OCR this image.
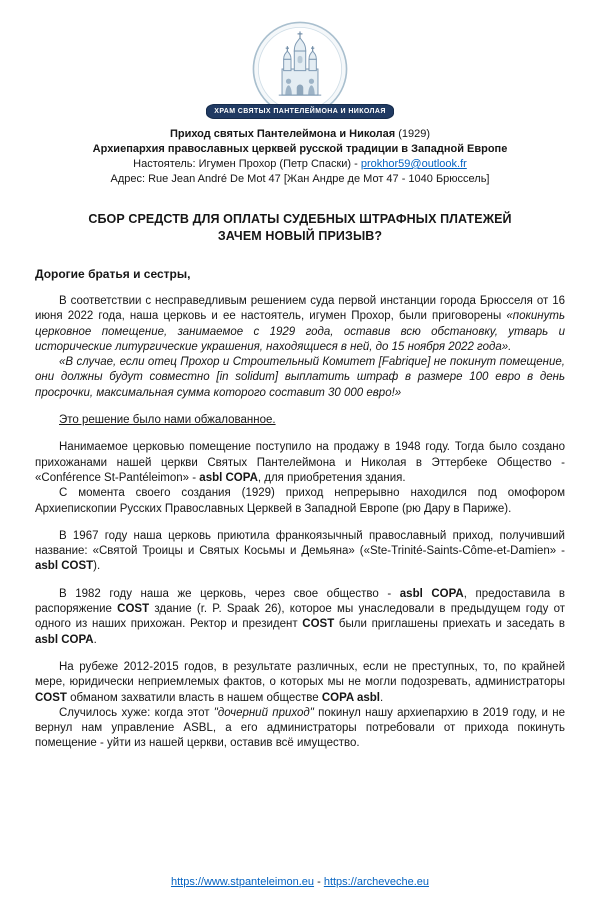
ХРАМ СВЯТЫХ ПАНТЕЛЕЙМОНА И НИКОЛАЯ
Приход святых Пантелеймона и Николая (1929)
Архиепархия православных церквей русской традиции в Западной Европе
Настоятель: Игумен Прохор (Петр Спаски) - prokhor59@outlook.fr
Адрес: Rue Jean André De Mot 47 [Жан Андре де Мот 47 - 1040 Брюссель]
СБОР СРЕДСТВ ДЛЯ ОПЛАТЫ СУДЕБНЫХ ШТРАФНЫХ ПЛАТЕЖЕЙ
ЗАЧЕМ НОВЫЙ ПРИЗЫВ?
Дорогие братья и сестры,

В соответствии с несправедливым решением суда первой инстанции города Брюсселя от 16 июня 2022 года, наша церковь и ее настоятель, игумен Прохор, были приговорены «покинуть церковное помещение, занимаемое с 1929 года, оставив всю обстановку, утварь и исторические литургические украшения, находящиеся в ней, до 15 ноября 2022 года».

«В случае, если отец Прохор и Строительный Комитет [Fabrique] не покинут помещение, они должны будут совместно [in solidum] выплатить штраф в размере 100 евро в день просрочки, максимальная сумма которого составит 30 000 евро!»

Это решение было нами обжалованное.

Нанимаемое церковью помещение поступило на продажу в 1948 году. Тогда было создано прихожанами нашей церкви Святых Пантелеймона и Николая в Эттербеке Общество - «Conférence St-Pantéleimon» - asbl COPA, для приобретения здания.

С момента своего создания (1929) приход непрерывно находился под омофором Архиепископии Русских Православных Церквей в Западной Европе (рю Дару в Париже).

В 1967 году наша церковь приютила франкоязычный православный приход, получивший название: «Святой Троицы и Святых Косьмы и Демьяна» («Ste-Trinité-Saints-Côme-et-Damien» - asbl COST).

В 1982 году наша же церковь, через свое общество - asbl COPA, предоставила в распоряжение COST здание (r. P. Spaak 26), которое мы унаследовали в предыдущем году от одного из наших прихожан. Ректор и президент COST были приглашены приехать и заседать в asbl COPA.

На рубеже 2012-2015 годов, в результате различных, если не преступных, то, по крайней мере, юридически неприемлемых фактов, о которых мы не могли подозревать, администраторы COST обманом захватили власть в нашем обществе COPA asbl.

Случилось хуже: когда этот "дочерний приход" покинул нашу архиепархию в 2019 году, и не вернул нам управление ASBL, а его администраторы потребовали от прихода покинуть помещение - уйти из нашей церкви, оставив всё имущество.

https://www.stpanteleimon.eu - https://archeveche.eu
